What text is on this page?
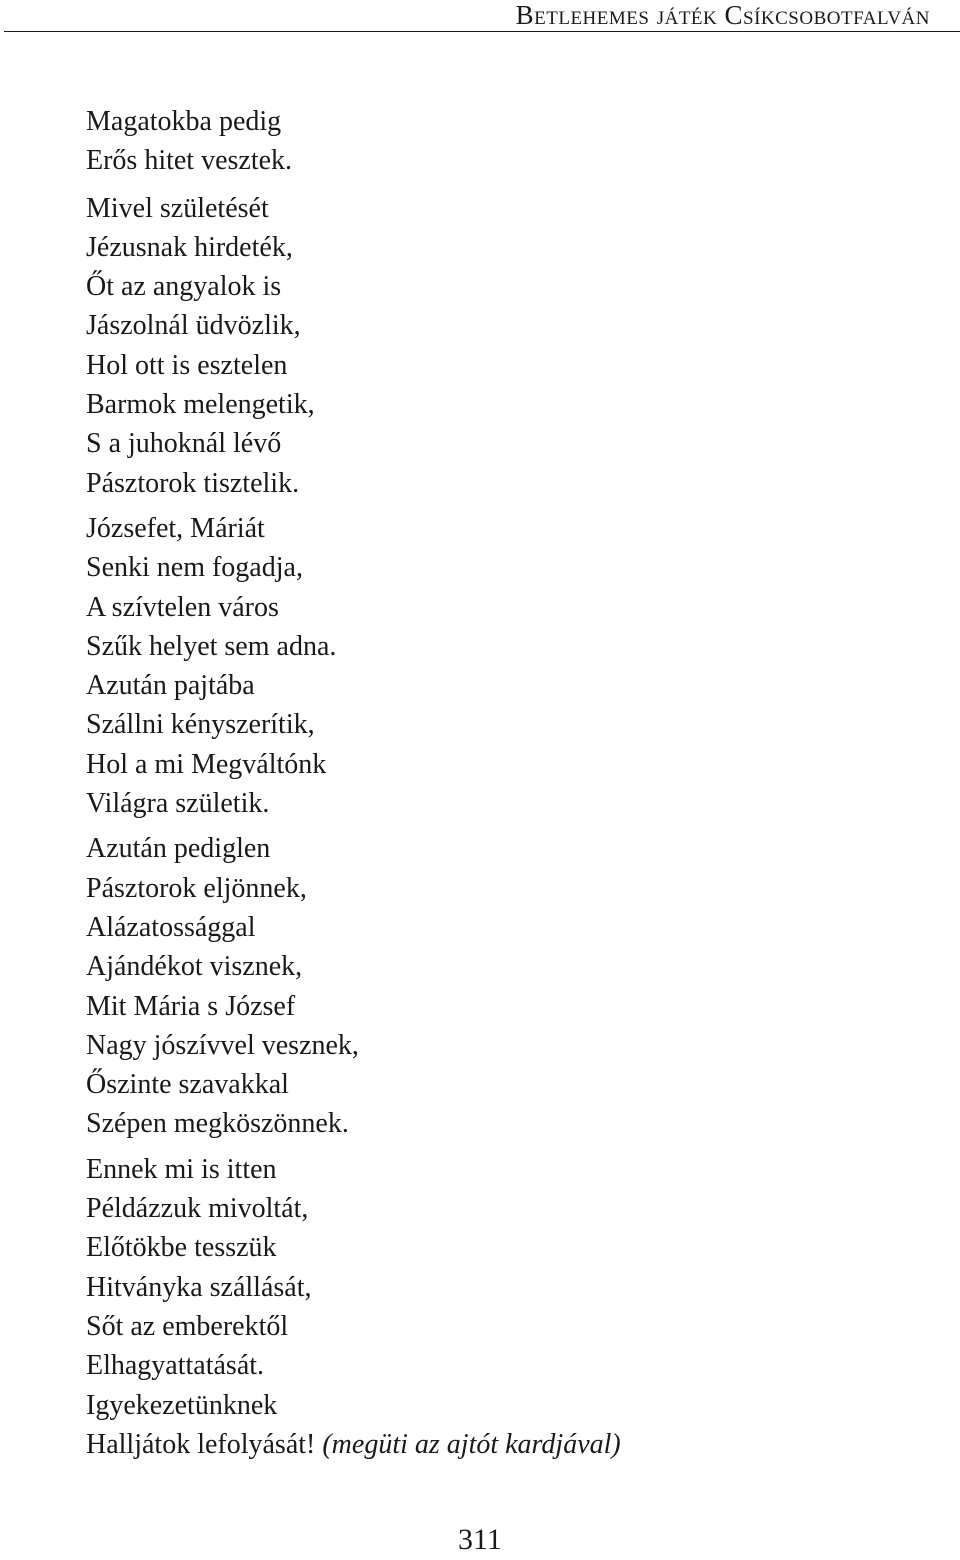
Betlehemes játék Csíkcsobotfalván
Magatokba pedig
Erős hitet vesztek.
Mivel születését
Jézusnak hirdeték,
Őt az angyalok is
Jászolnál üdvözlik,
Hol ott is esztelen
Barmok melengetik,
S a juhoknál lévő
Pásztorok tisztelik.
Józsefet, Máriát
Senki nem fogadja,
A szívtelen város
Szűk helyet sem adna.
Azután pajtába
Szállni kényszerítik,
Hol a mi Megváltónk
Világra születik.
Azután pediglen
Pásztorok eljönnek,
Alázatossággal
Ajándékot visznek,
Mit Mária s József
Nagy jószívvel vesznek,
Őszinte szavakkal
Szépen megköszönnek.
Ennek mi is itten
Példázzuk mivoltát,
Előtökbe tesszük
Hitványka szállását,
Sőt az emberektől
Elhagyattatását.
Igyekezetünknek
Halljátok lefolyását! (megüti az ajtót kardjával)
311
